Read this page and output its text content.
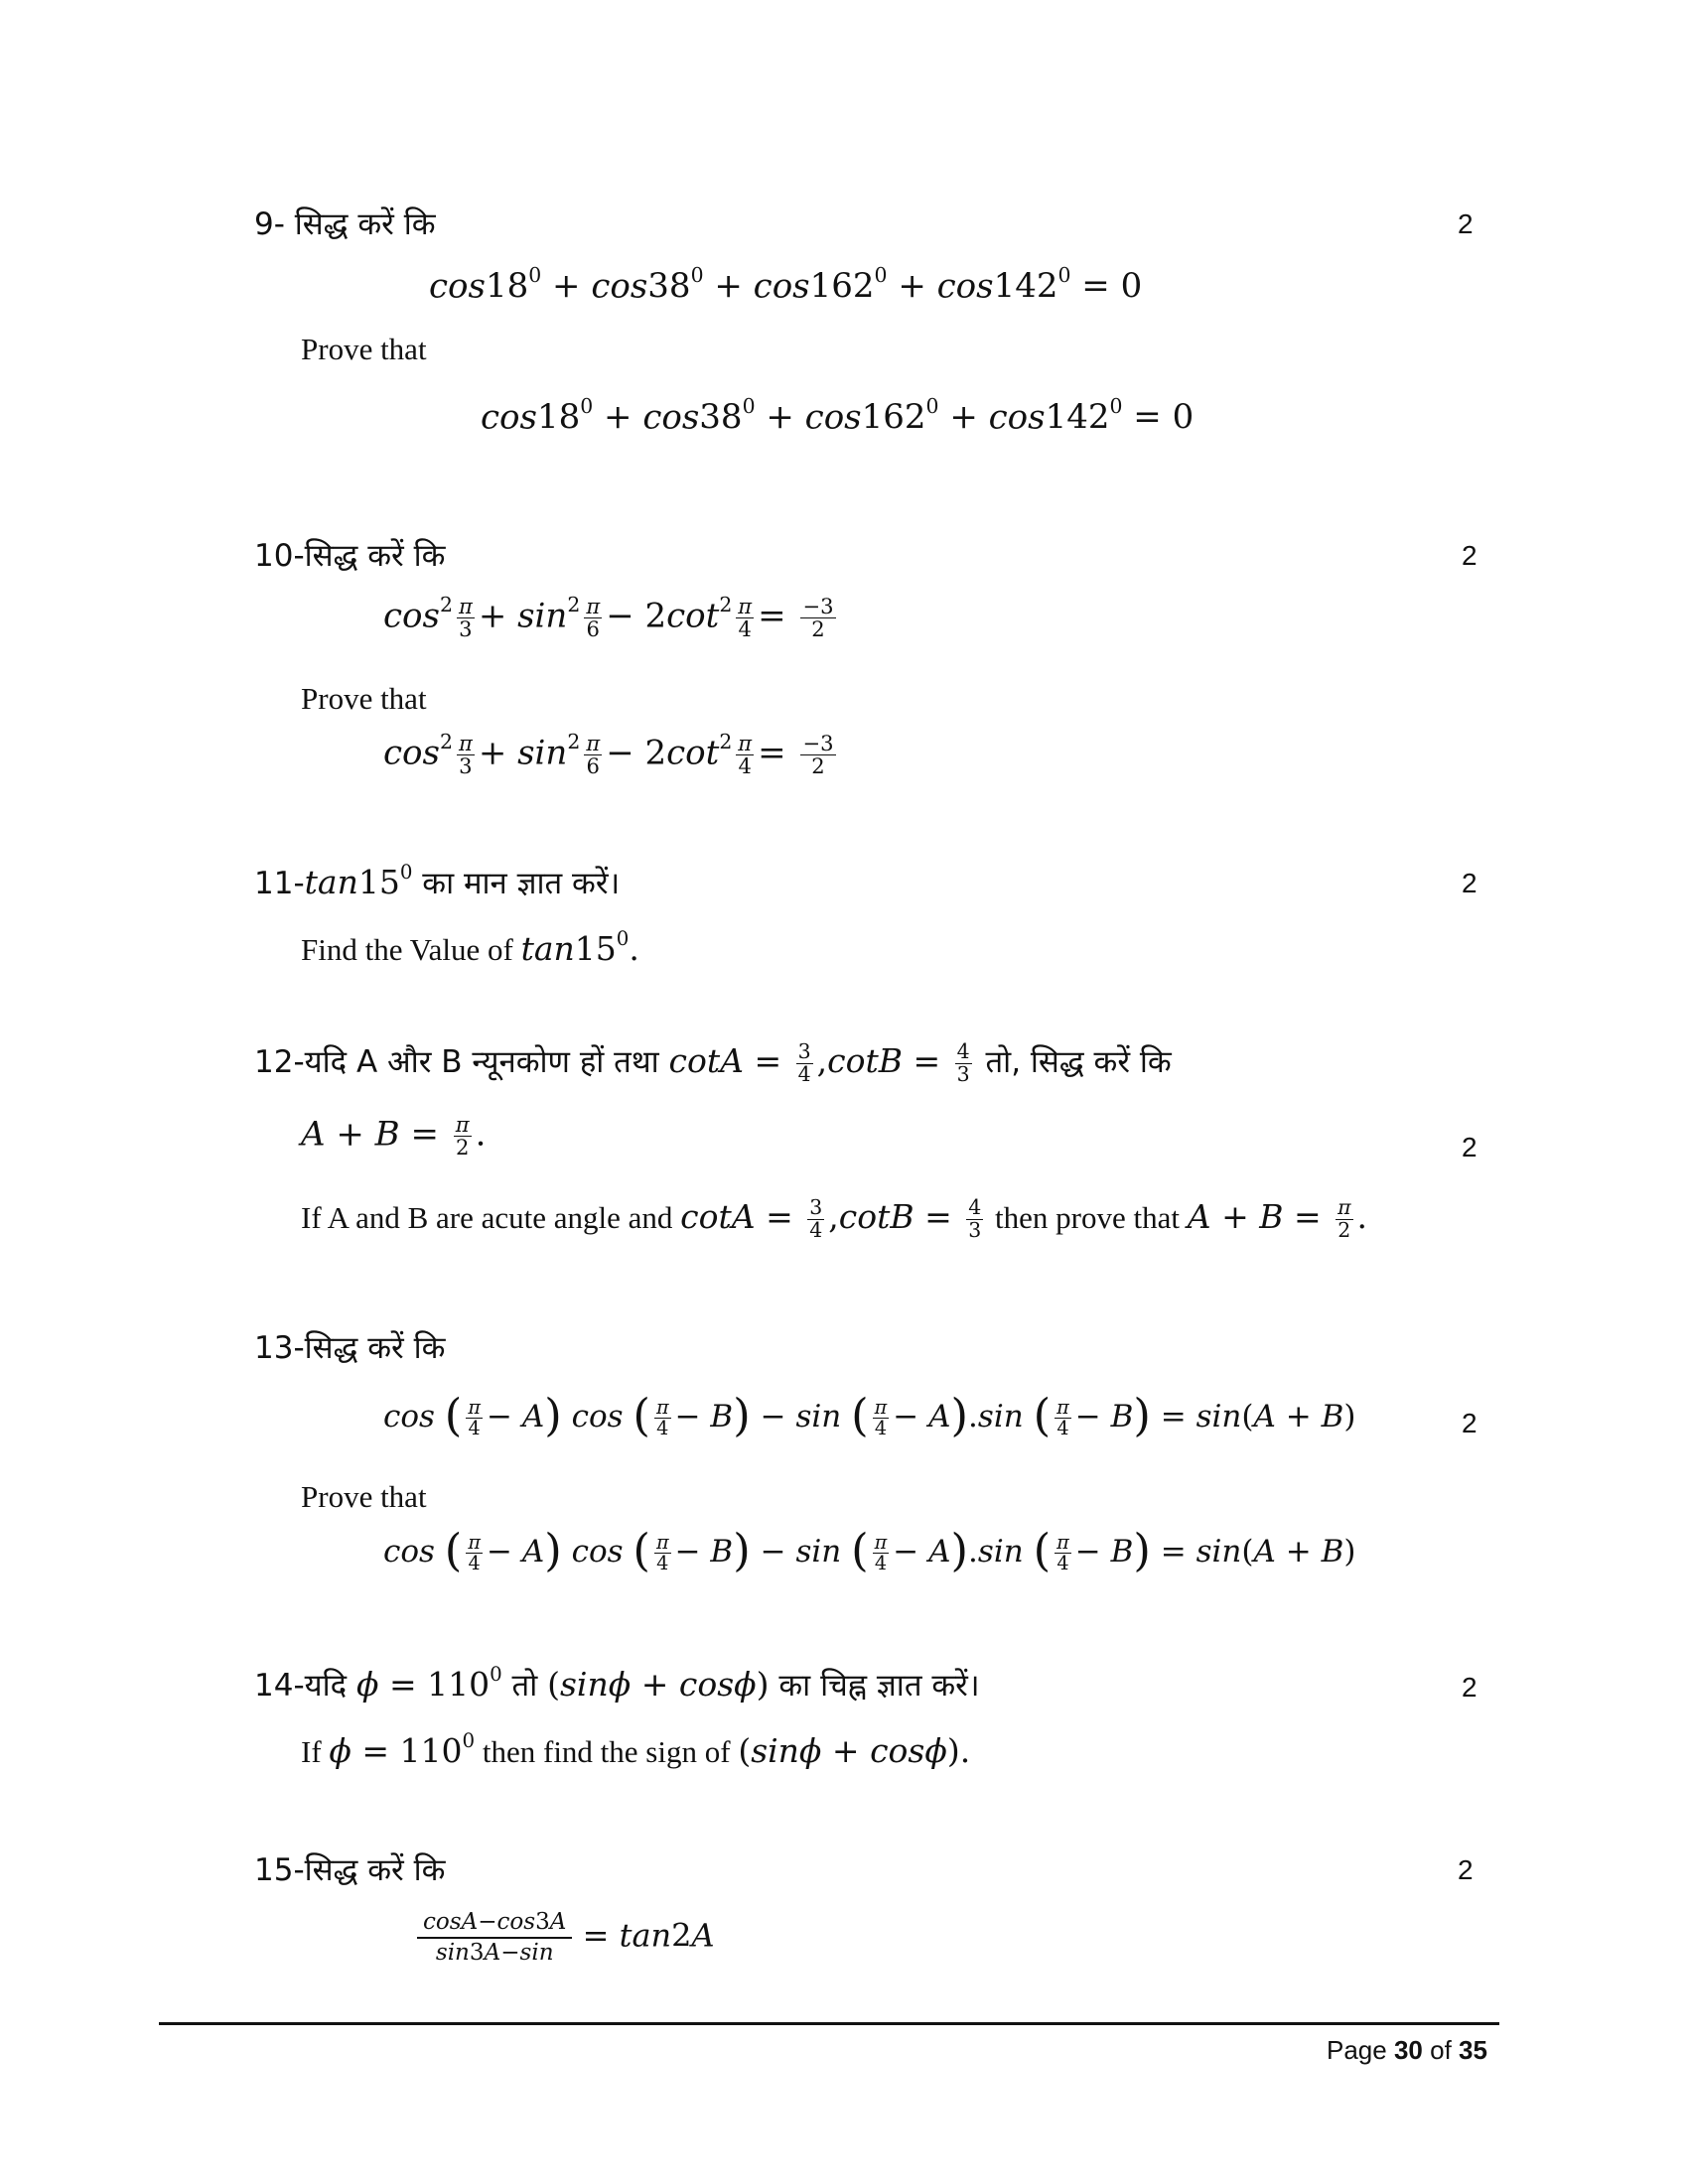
9- सिद्ध करें कि	2
$\cos 18^0 + \cos 38^0 + \cos 162^0 + \cos 142^0 = 0$
Prove that
$\cos 18^0 + \cos 38^0 + \cos 162^0 + \cos 142^0 = 0$
10-सिद्ध करें कि	2
$\cos^2 \frac{\pi}{3} + \sin^2 \frac{\pi}{6} - 2\cot^2 \frac{\pi}{4} = \frac{-3}{2}$
Prove that
$\cos^2 \frac{\pi}{3} + \sin^2 \frac{\pi}{6} - 2\cot^2 \frac{\pi}{4} = \frac{-3}{2}$
$11-\tan 15^0$ का मान ज्ञात करें।	2
Find the Value of $\tan 15^0$.
12-यदि A और B न्यूनकोण हों तथा $\cot A = \frac{3}{4} ,\cot B = \frac{4}{3}$ तो, सिद्ध करें कि
$A + B = \frac{\pi}{2}$ .	2
If A and B are acute angle and $\cot A = \frac{3}{4} ,\cot B = \frac{4}{3}$ then prove that $A + B = \frac{\pi}{2}$ .
13-सिद्ध करें कि
cos ( $\frac{\pi}{4} - A$) cos ( $\frac{\pi}{4} - B) - \sin$ ( $\frac{\pi}{4} - A).\sin$ ( $\frac{\pi}{4} - B) = \sin(A + B)$	2
Prove that
cos ( $\frac{\pi}{4} - A$) cos ( $\frac{\pi}{4} - B) - \sin$ ( $\frac{\pi}{4} - A).\sin$ ( $\frac{\pi}{4} - B) = \sin(A + B)$
14-यदि $\phi = 110^0$ तो (sinϕ + cosϕ) का चिह्न ज्ञात करें।	2
If $\phi = 110^0$ then find the sign of (sinϕ + cosϕ).
15-सिद्ध करें कि	2
$\frac{\cos A-\cos 3A}{\sin 3A-\sin} = \tan 2A$
Page 30 of 35
